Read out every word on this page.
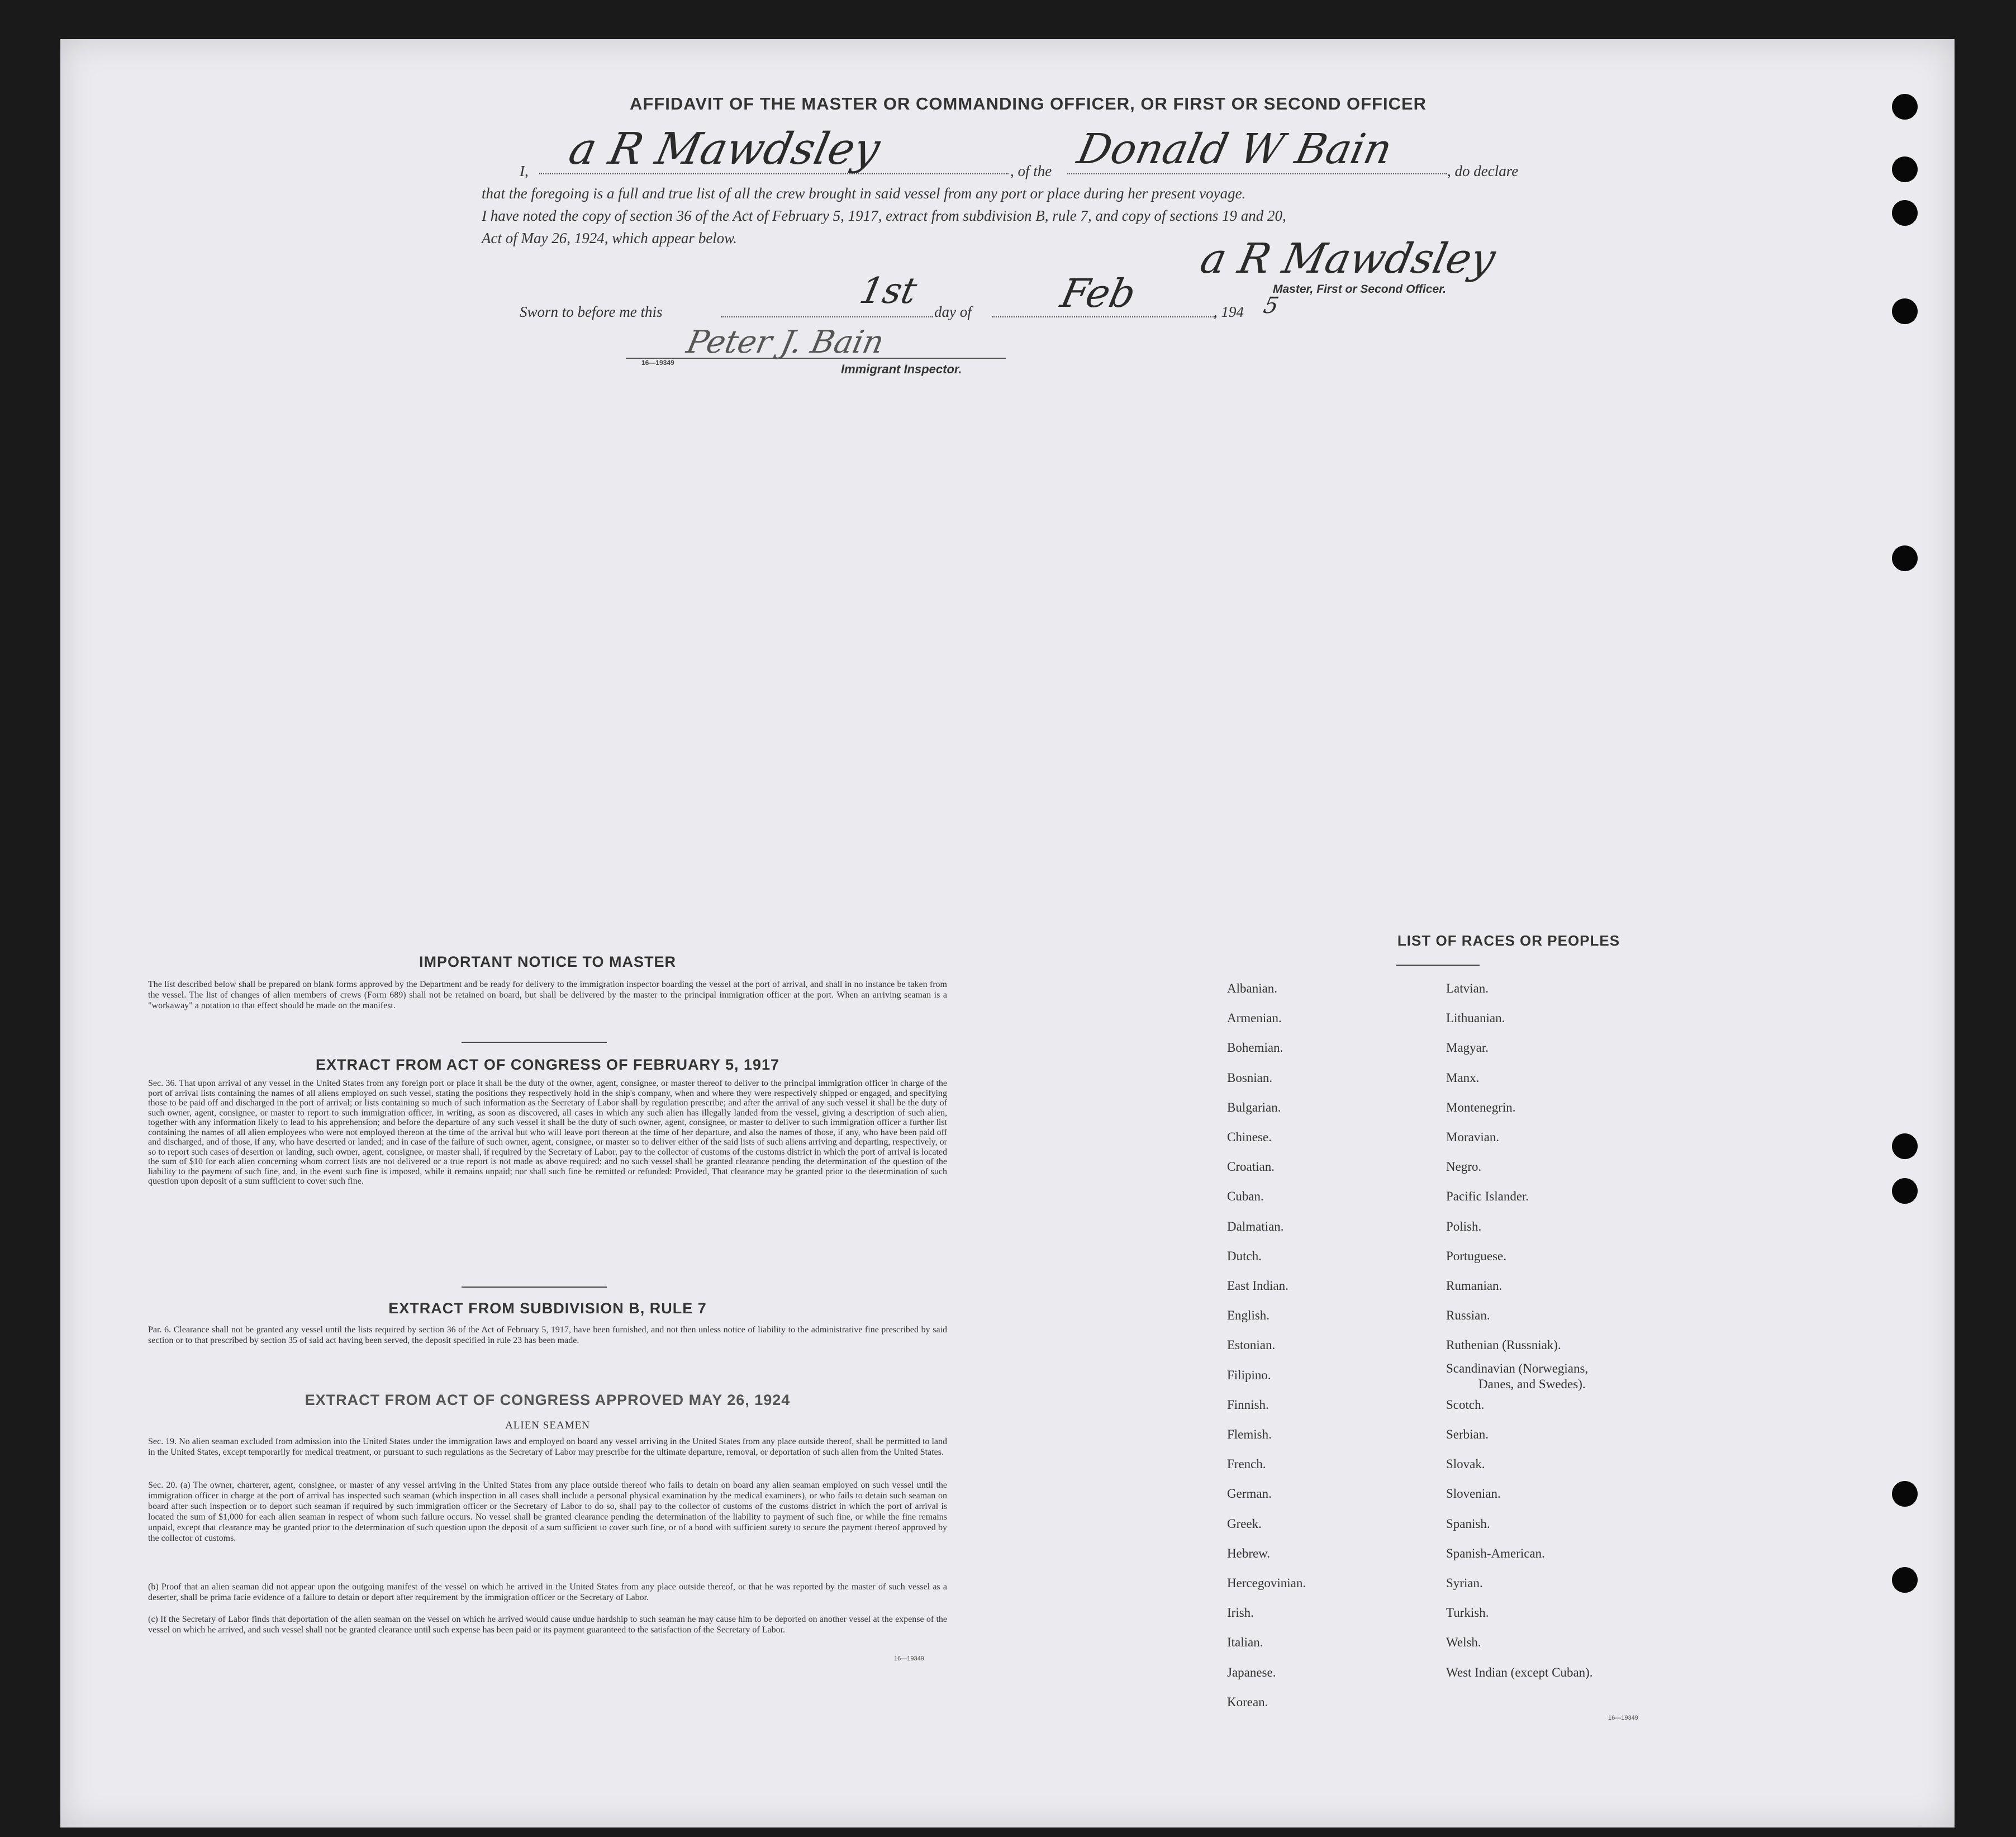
AFFIDAVIT OF THE MASTER OR COMMANDING OFFICER, OR FIRST OR SECOND OFFICER
I, a R Mawdsley	, of the Donald W Bain	, do declare
that the foregoing is a full and true list of all the crew brought in said vessel from any port or place during her present voyage.
I have noted the copy of section 36 of the Act of February 5, 1917, extract from subdivision B, rule 7, and copy of sections 19 and 20,
Act of May 26, 1924, which appear below.	a R Mawdsley
Master, First or Second Officer.
Sworn to before me this	1st day of Feb	, 194 5
Peter J. Bain
16—19349	Immigrant Inspector.
IMPORTANT NOTICE TO MASTER
The list described below shall be prepared on blank forms approved by the Department and be ready for delivery to the immigration inspector boarding the vessel at the port of arrival, and shall in no instance be taken from the vessel. The list of changes of alien members of crews (Form 689) shall not be retained on board, but shall be delivered by the master to the principal immigration officer at the port. When an arriving seaman is a "workaway" a notation to that effect should be made on the manifest.
EXTRACT FROM ACT OF CONGRESS OF FEBRUARY 5, 1917
Sec. 36. That upon arrival of any vessel in the United States from any foreign port or place it shall be the duty of the owner, agent, consignee, or master thereof to deliver to the principal immigration officer in charge of the port of arrival lists containing the names of all aliens employed on such vessel, stating the positions they respectively hold in the ship's company, when and where they were respectively shipped or engaged, and specifying those to be paid off and discharged in the port of arrival; or lists containing so much of such information as the Secretary of Labor shall by regulation prescribe; and after the arrival of any such vessel it shall be the duty of such owner, agent, consignee, or master to report to such immigration officer, in writing, as soon as discovered, all cases in which any such alien has illegally landed from the vessel, giving a description of such alien, together with any information likely to lead to his apprehension; and before the departure of any such vessel it shall be the duty of such owner, agent, consignee, or master to deliver to such immigration officer a further list containing the names of all alien employees who were not employed thereon at the time of the arrival but who will leave port thereon at the time of her departure, and also the names of those, if any, who have been paid off and discharged, and of those, if any, who have deserted or landed; and in case of the failure of such owner, agent, consignee, or master so to deliver either of the said lists of such aliens arriving and departing, respectively, or so to report such cases of desertion or landing, such owner, agent, consignee, or master shall, if required by the Secretary of Labor, pay to the collector of customs of the customs district in which the port of arrival is located the sum of $10 for each alien concerning whom correct lists are not delivered or a true report is not made as above required; and no such vessel shall be granted clearance pending the determination of the question of the liability to the payment of such fine, and, in the event such fine is imposed, while it remains unpaid; nor shall such fine be remitted or refunded: Provided, That clearance may be granted prior to the determination of such question upon deposit of a sum sufficient to cover such fine.
EXTRACT FROM SUBDIVISION B, RULE 7
Par. 6. Clearance shall not be granted any vessel until the lists required by section 36 of the Act of February 5, 1917, have been furnished, and not then unless notice of liability to the administrative fine prescribed by said section or to that prescribed by section 35 of said act having been served, the deposit specified in rule 23 has been made.
EXTRACT FROM ACT OF CONGRESS APPROVED MAY 26, 1924
ALIEN SEAMEN
Sec. 19. No alien seaman excluded from admission into the United States under the immigration laws and employed on board any vessel arriving in the United States from any place outside thereof, shall be permitted to land in the United States, except temporarily for medical treatment, or pursuant to such regulations as the Secretary of Labor may prescribe for the ultimate departure, removal, or deportation of such alien from the United States.
Sec. 20. (a) The owner, charterer, agent, consignee, or master of any vessel arriving in the United States from any place outside thereof who fails to detain on board any alien seaman employed on such vessel until the immigration officer in charge at the port of arrival has inspected such seaman (which inspection in all cases shall include a personal physical examination by the medical examiners), or who fails to detain such seaman on board after such inspection or to deport such seaman if required by such immigration officer or the Secretary of Labor to do so, shall pay to the collector of customs of the customs district in which the port of arrival is located the sum of $1,000 for each alien seaman in respect of whom such failure occurs. No vessel shall be granted clearance pending the determination of the liability to payment of such fine, or while the fine remains unpaid, except that clearance may be granted prior to the determination of such question upon the deposit of a sum sufficient to cover such fine, or of a bond with sufficient surety to secure the payment thereof approved by the collector of customs.
(b) Proof that an alien seaman did not appear upon the outgoing manifest of the vessel on which he arrived in the United States from any place outside thereof, or that he was reported by the master of such vessel as a deserter, shall be prima facie evidence of a failure to detain or deport after requirement by the immigration officer or the Secretary of Labor.
(c) If the Secretary of Labor finds that deportation of the alien seaman on the vessel on which he arrived would cause undue hardship to such seaman he may cause him to be deported on another vessel at the expense of the vessel on which he arrived, and such vessel shall not be granted clearance until such expense has been paid or its payment guaranteed to the satisfaction of the Secretary of Labor.
16—19349
LIST OF RACES OR PEOPLES
Albanian.
Armenian.
Bohemian.
Bosnian.
Bulgarian.
Chinese.
Croatian.
Cuban.
Dalmatian.
Dutch.
East Indian.
English.
Estonian.
Filipino.
Finnish.
Flemish.
French.
German.
Greek.
Hebrew.
Hercegovinian.
Irish.
Italian.
Japanese.
Korean.
Latvian.
Lithuanian.
Magyar.
Manx.
Montenegrin.
Moravian.
Negro.
Pacific Islander.
Polish.
Portuguese.
Rumanian.
Russian.
Ruthenian (Russniak).
Scandinavian (Norwegians,
Danes, and Swedes).
Scotch.
Serbian.
Slovak.
Slovenian.
Spanish.
Spanish-American.
Syrian.
Turkish.
Welsh.
West Indian (except Cuban).
16—19349
